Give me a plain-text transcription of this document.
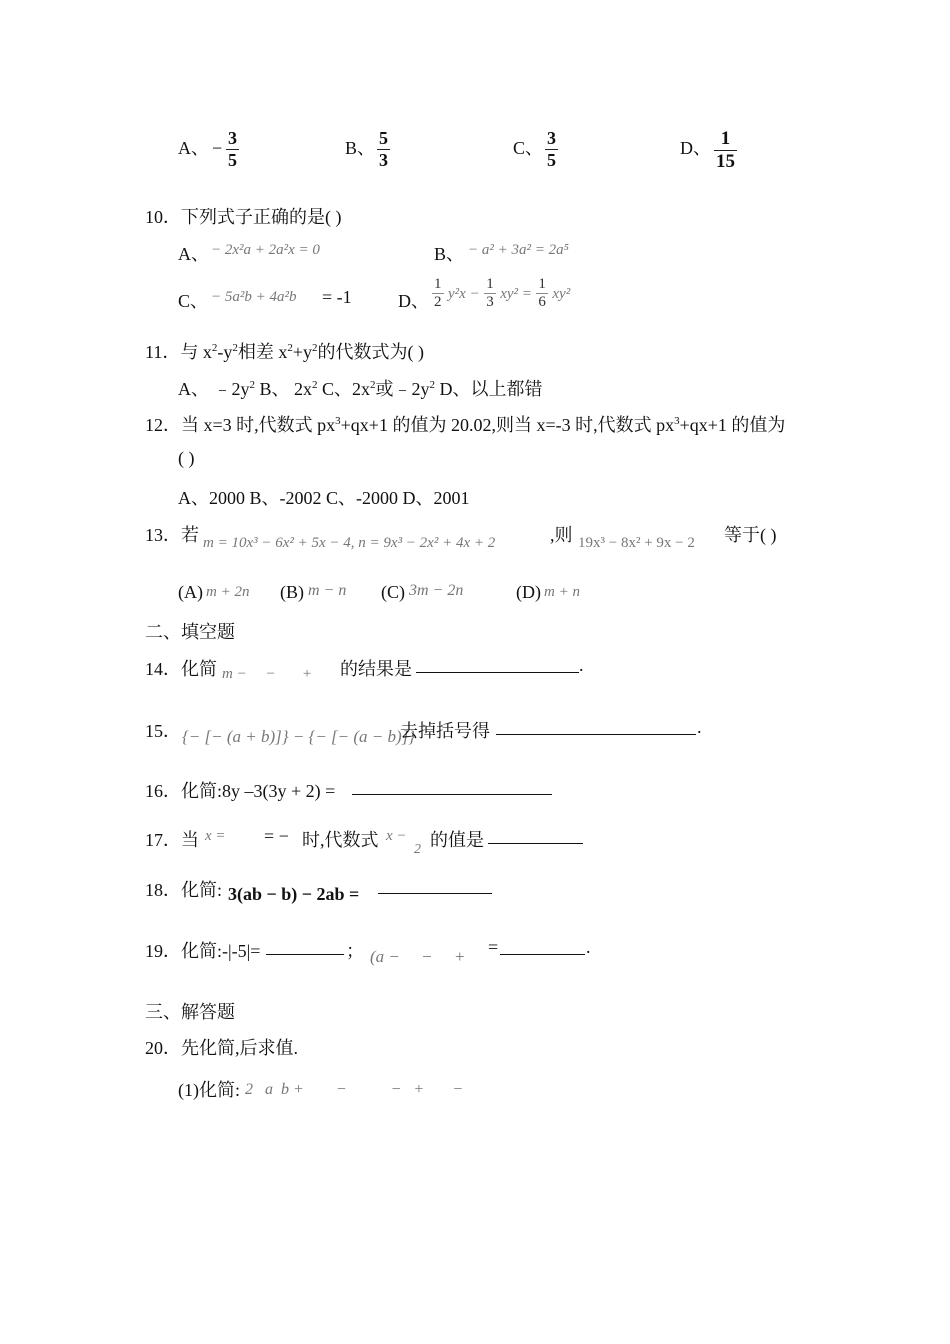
A、 − $\frac{3}{5}$	B、 $\frac{5}{3}$	C、 $\frac{3}{5}$	D、 $\frac{1}{15}$
10．下列式子正确的是( )
A、 − 2x²a + 2a²x = 0	B、 − a² + 3a² = 2a⁵
C、 − 5a²b + 4a²b = -1	D、 $\frac{1}{2} y^2x - \frac{1}{3} xy^2 = \frac{1}{6} xy^2$
11．与 $x^2-y^2$相差 $x^2+y^2$的代数式为( )
A、 $﹣2y^2$ B、 $2x^2$ C、$2x^2$或$﹣2y^2$ D、以上都错
12．当 x=3 时,代数式 $px^3+qx+1$ 的值为 20.02,则当 x=-3 时,代数式 $px^3+qx+1$ 的值为
( )
A、2000 B、-2002 C、-2000 D、2001
13．若 m = 10x³ − 6x² + 5x − 4, n = 9x³ − 2x² + 4x + 2	,则 19x³ − 8x² + 9x − 2 等于( )
(A) m + 2n (B) m − n (C) 3m − 2n	(D) m + n
二、填空题
14．化简 m −     −       + 的结果是	.
15． {− [− (a + b)]} − {− [− (a − b)]}
去掉括号得	.
16．化简:8y –3(3y + 2) =
17．当 x = = − 时,代数式 x −
2 的值是
18．化简: 3(ab − b) − 2ab =
19．化简:-|-5|=	； (a −     −     + =	.
三、解答题
20．先化简,后求值.
(1)化简: 2   a  b +        −           −   +       −
